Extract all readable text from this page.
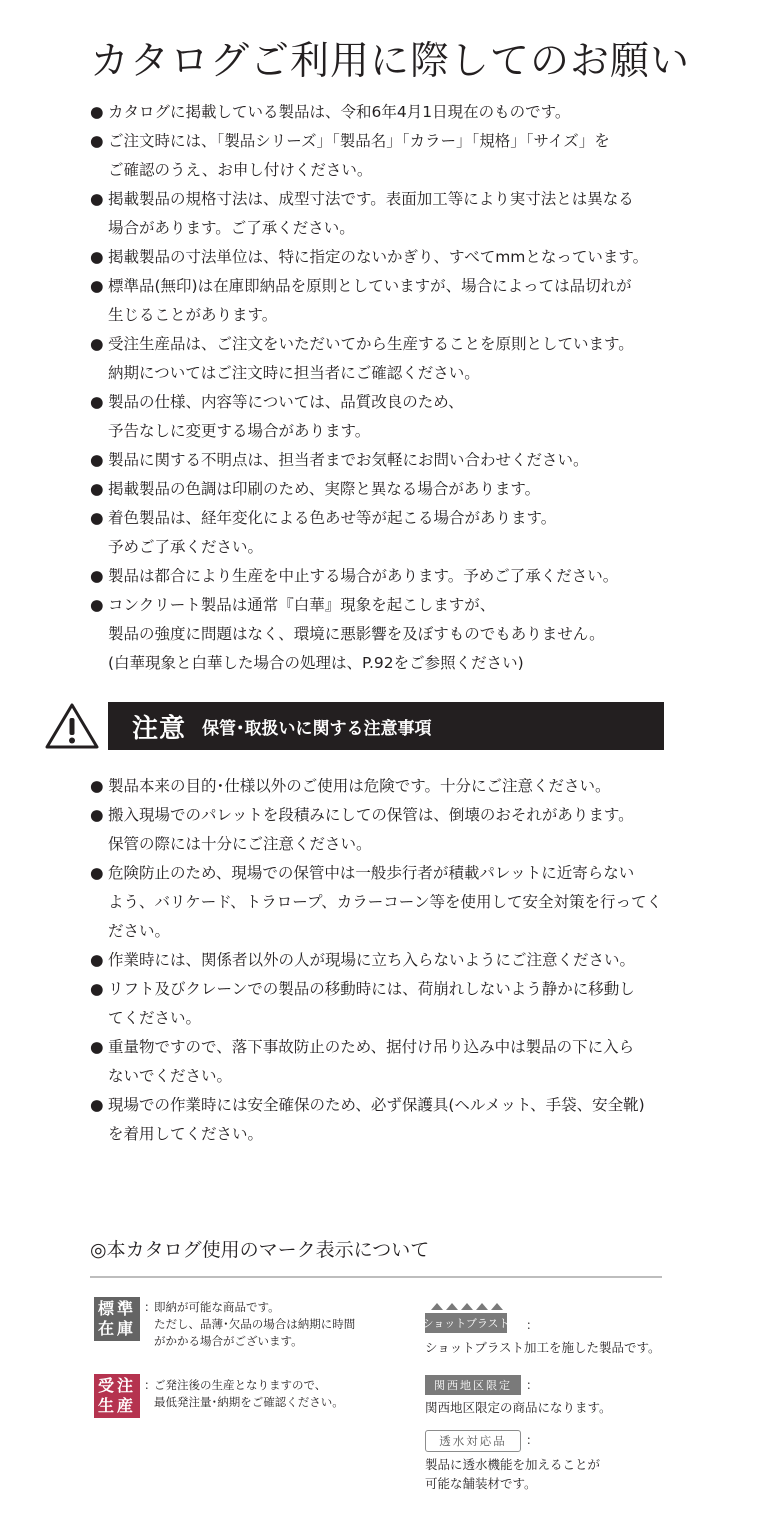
カタログご利用に際してのお願い
● カタログに掲載している製品は、令和6年4月1日現在のものです。
● ご注文時には、「製品シリーズ」「製品名」「カラー」「規格」「サイズ」を
ご確認のうえ、お申し付けください。
● 掲載製品の規格寸法は、成型寸法です。表面加工等により実寸法とは異なる
場合があります。ご了承ください。
● 掲載製品の寸法単位は、特に指定のないかぎり、すべてmmとなっています。
● 標準品(無印)は在庫即納品を原則としていますが、場合によっては品切れが
生じることがあります。
● 受注生産品は、ご注文をいただいてから生産することを原則としています。
納期についてはご注文時に担当者にご確認ください。
● 製品の仕様、内容等については、品質改良のため、
予告なしに変更する場合があります。
● 製品に関する不明点は、担当者までお気軽にお問い合わせください。
● 掲載製品の色調は印刷のため、実際と異なる場合があります。
● 着色製品は、経年変化による色あせ等が起こる場合があります。
予めご了承ください。
● 製品は都合により生産を中止する場合があります。予めご了承ください。
● コンクリート製品は通常『白華』現象を起こしますが、
製品の強度に問題はなく、環境に悪影響を及ぼすものでもありません。
(白華現象と白華した場合の処理は、P.92をご参照ください)
注意 保管･取扱いに関する注意事項
● 製品本来の目的･仕様以外のご使用は危険です。十分にご注意ください。
● 搬入現場でのパレットを段積みにしての保管は、倒壊のおそれがあります。
保管の際には十分にご注意ください。
● 危険防止のため、現場での保管中は一般歩行者が積載パレットに近寄らない
よう、バリケード、トラロープ、カラーコーン等を使用して安全対策を行ってく
ださい。
● 作業時には、関係者以外の人が現場に立ち入らないようにご注意ください。
● リフト及びクレーンでの製品の移動時には、荷崩れしないよう静かに移動し
てください。
● 重量物ですので、落下事故防止のため、据付け吊り込み中は製品の下に入ら
ないでください。
● 現場での作業時には安全確保のため、必ず保護具(ヘルメット、手袋、安全靴)
を着用してください。
◎本カタログ使用のマーク表示について
標準
在庫
：
即納が可能な商品です。
ただし、品薄･欠品の場合は納期に時間
がかかる場合がございます。
受注
生産
：
ご発注後の生産となりますので、
最低発注量･納期をご確認ください。
ショットブラスト ：
ショットブラスト加工を施した製品です。
関西地区限定	：
関西地区限定の商品になります。
透水対応品	：
製品に透水機能を加えることが
可能な舗装材です。
